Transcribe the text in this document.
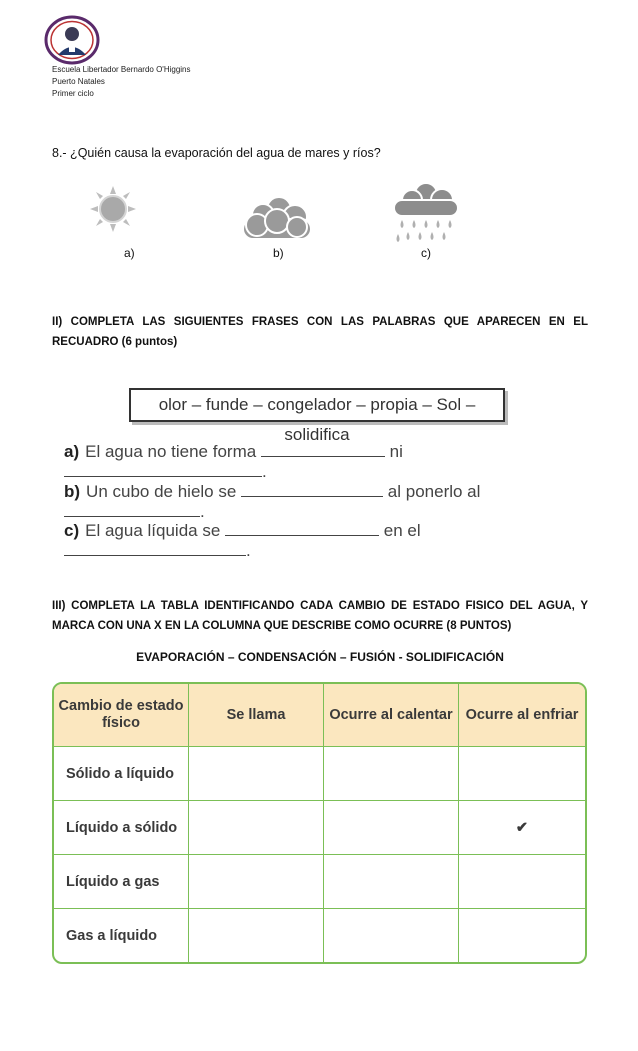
Escuela Libertador Bernardo O'Higgins
Puerto Natales
Primer ciclo
8.- ¿Quién causa la evaporación del agua de mares y ríos?
a)	b)	c)
II) COMPLETA LAS SIGUIENTES FRASES CON LAS PALABRAS QUE APARECEN EN EL RECUADRO (6 puntos)
olor – funde – congelador – propia – Sol – solidifica
a) El agua no tiene forma	ni .
b) Un cubo de hielo se	al ponerlo al .
c) El agua líquida se	en el .
III) COMPLETA LA TABLA IDENTIFICANDO CADA CAMBIO DE ESTADO FISICO DEL AGUA, Y MARCA CON UNA X EN LA COLUMNA QUE DESCRIBE COMO OCURRE (8 PUNTOS)
EVAPORACIÓN – CONDENSACIÓN – FUSIÓN - SOLIDIFICACIÓN
Cambio de estado físico	Se llama	Ocurre al calentar	Ocurre al enfriar
Sólido a líquido			
Líquido a sólido			✔
Líquido a gas			
Gas a líquido			
